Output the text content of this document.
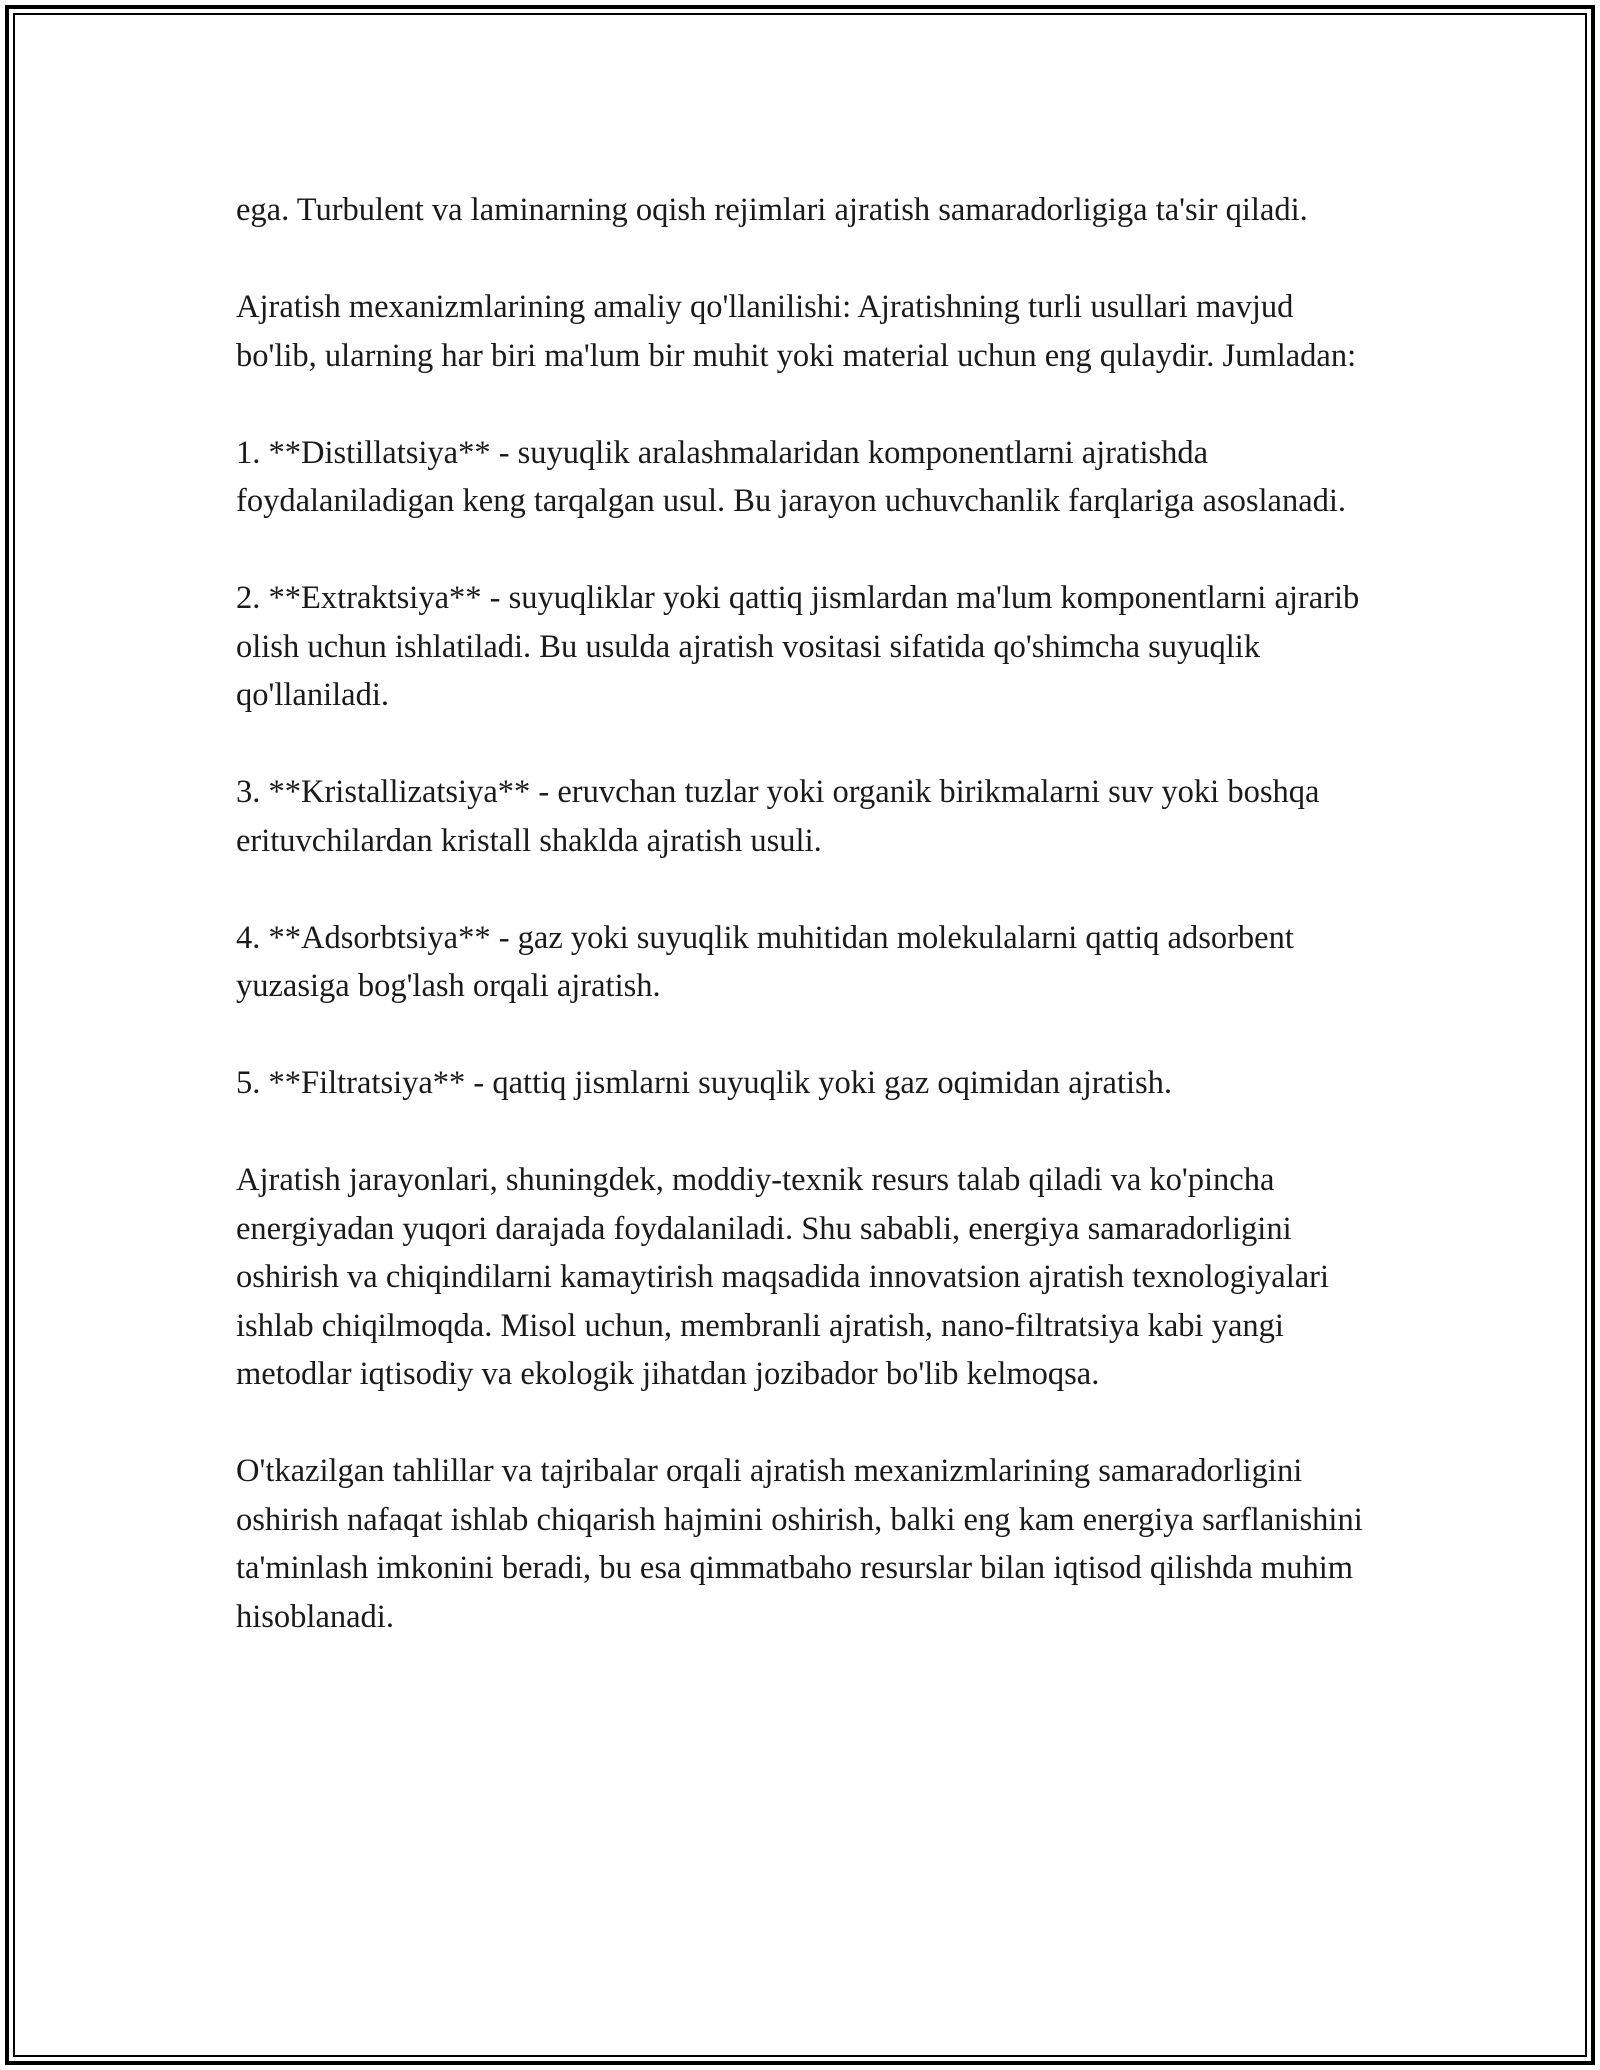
ega. Turbulent va laminarning oqish rejimlari ajratish samaradorligiga ta'sir qiladi.

Ajratish mexanizmlarining amaliy qo'llanilishi: Ajratishning turli usullari mavjud bo'lib, ularning har biri ma'lum bir muhit yoki material uchun eng qulaydir. Jumladan:

1. **Distillatsiya** - suyuqlik aralashmalaridan komponentlarni ajratishda foydalaniladigan keng tarqalgan usul. Bu jarayon uchuvchanlik farqlariga asoslanadi.

2. **Extraktsiya** - suyuqliklar yoki qattiq jismlardan ma'lum komponentlarni ajrarib olish uchun ishlatiladi. Bu usulda ajratish vositasi sifatida qo'shimcha suyuqlik qo'llaniladi.

3. **Kristallizatsiya** - eruvchan tuzlar yoki organik birikmalarni suv yoki boshqa erituvchilardan kristall shaklda ajratish usuli.

4. **Adsorbtsiya** - gaz yoki suyuqlik muhitidan molekulalarni qattiq adsorbent yuzasiga bog'lash orqali ajratish.

5. **Filtratsiya** - qattiq jismlarni suyuqlik yoki gaz oqimidan ajratish.

Ajratish jarayonlari, shuningdek, moddiy-texnik resurs talab qiladi va ko'pincha energiyadan yuqori darajada foydalaniladi. Shu sababli, energiya samaradorligini oshirish va chiqindilarni kamaytirish maqsadida innovatsion ajratish texnologiyalari ishlab chiqilmoqda. Misol uchun, membranli ajratish, nano-filtratsiya kabi yangi metodlar iqtisodiy va ekologik jihatdan jozibador bo'lib kelmoqsa.

O'tkazilgan tahlillar va tajribalar orqali ajratish mexanizmlarining samaradorligini oshirish nafaqat ishlab chiqarish hajmini oshirish, balki eng kam energiya sarflanishini ta'minlash imkonini beradi, bu esa qimmatbaho resurslar bilan iqtisod qilishda muhim hisoblanadi.
